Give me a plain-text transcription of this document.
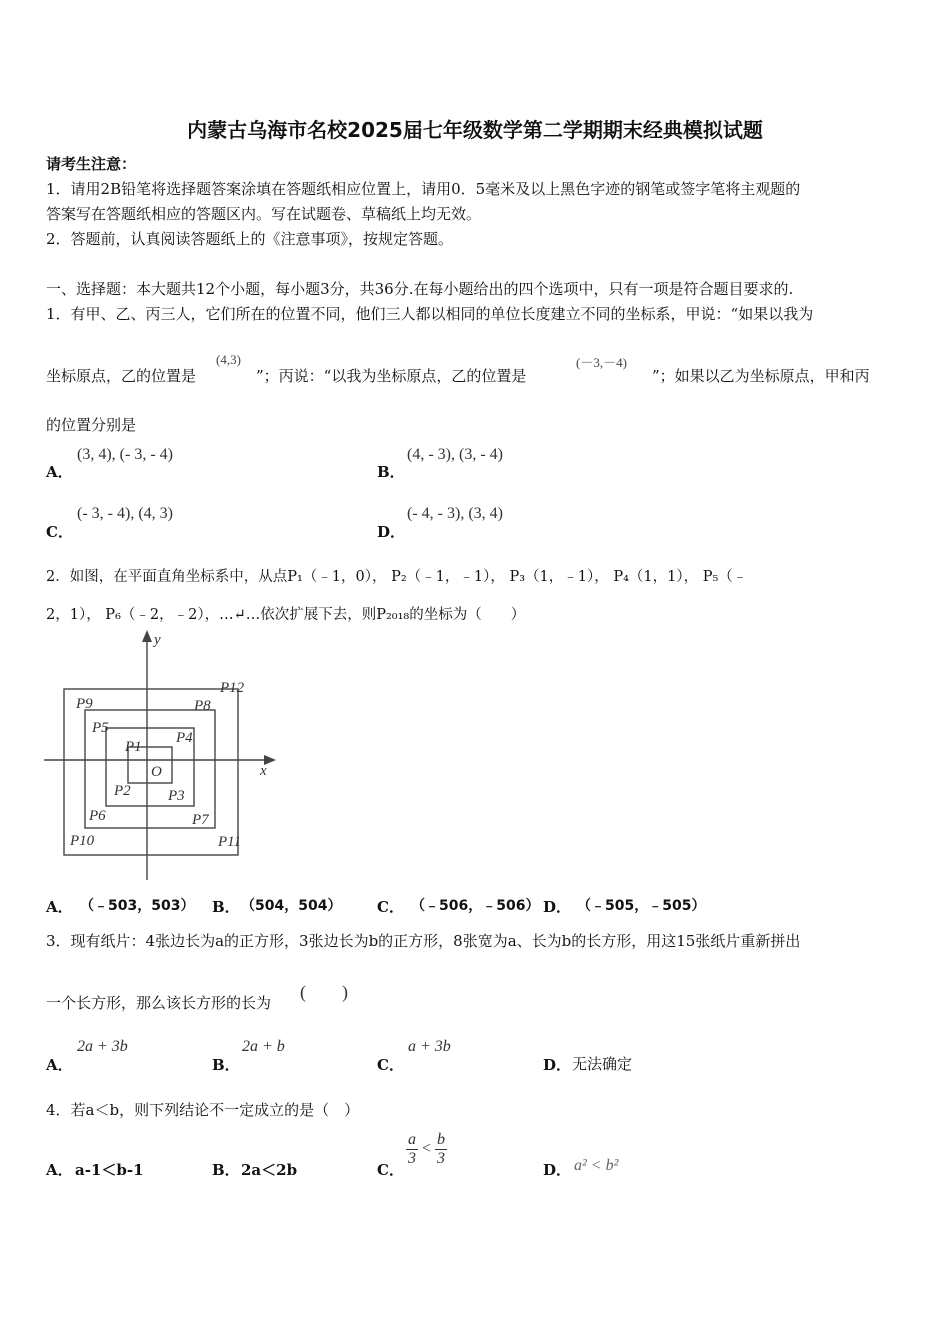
内蒙古乌海市名校2025届七年级数学第二学期期末经典模拟试题
请考生注意：
1．请用2B铅笔将选择题答案涂填在答题纸相应位置上，请用0．5毫米及以上黑色字迹的钢笔或签字笔将主观题的
答案写在答题纸相应的答题区内。写在试题卷、草稿纸上均无效。
2．答题前，认真阅读答题纸上的《注意事项》，按规定答题。
一、选择题：本大题共12个小题，每小题3分，共36分.在每小题给出的四个选项中，只有一项是符合题目要求的.
1．有甲、乙、丙三人，它们所在的位置不同，他们三人都以相同的单位长度建立不同的坐标系，甲说：“如果以我为
坐标原点，乙的位置是
(4,3)
”；丙说：“以我为坐标原点，乙的位置是
(－3,－4)
”；如果以乙为坐标原点，甲和丙
的位置分别是
A．
(3, 4), (- 3, - 4)
B．
(4, - 3), (3, - 4)
C．
(- 3, - 4), (4, 3)
D．
(- 4, - 3), (3, 4)
2．如图，在平面直角坐标系中，从点P₁（﹣1，0）， P₂（﹣1，﹣1）， P₃（1，﹣1）， P₄（1，1）， P₅（﹣
2，1）， P₆（﹣2，﹣2），…↵…依次扩展下去，则P₂₀₁₈的坐标为（　　）
x
y
O
P1
P2 P3
P4
P5
P6	P7
P8
P9
P10	P11
P12
A． （﹣503，503） B． （504，504） C． （﹣506，﹣506） D． （﹣505，﹣505）
3．现有纸片：4张边长为a的正方形，3张边长为b的正方形，8张宽为a、长为b的长方形，用这15张纸片重新拼出
一个长方形，那么该长方形的长为
(　　)
A．
2a + 3b
B．
2a + b
C．
a + 3b
D． 无法确定
4．若a＜b，则下列结论不一定成立的是（　）
A． a-1＜b-1	B． 2a＜2b	C．
$\frac{a}{3} < \frac{b}{3}$
D． a² < b²
